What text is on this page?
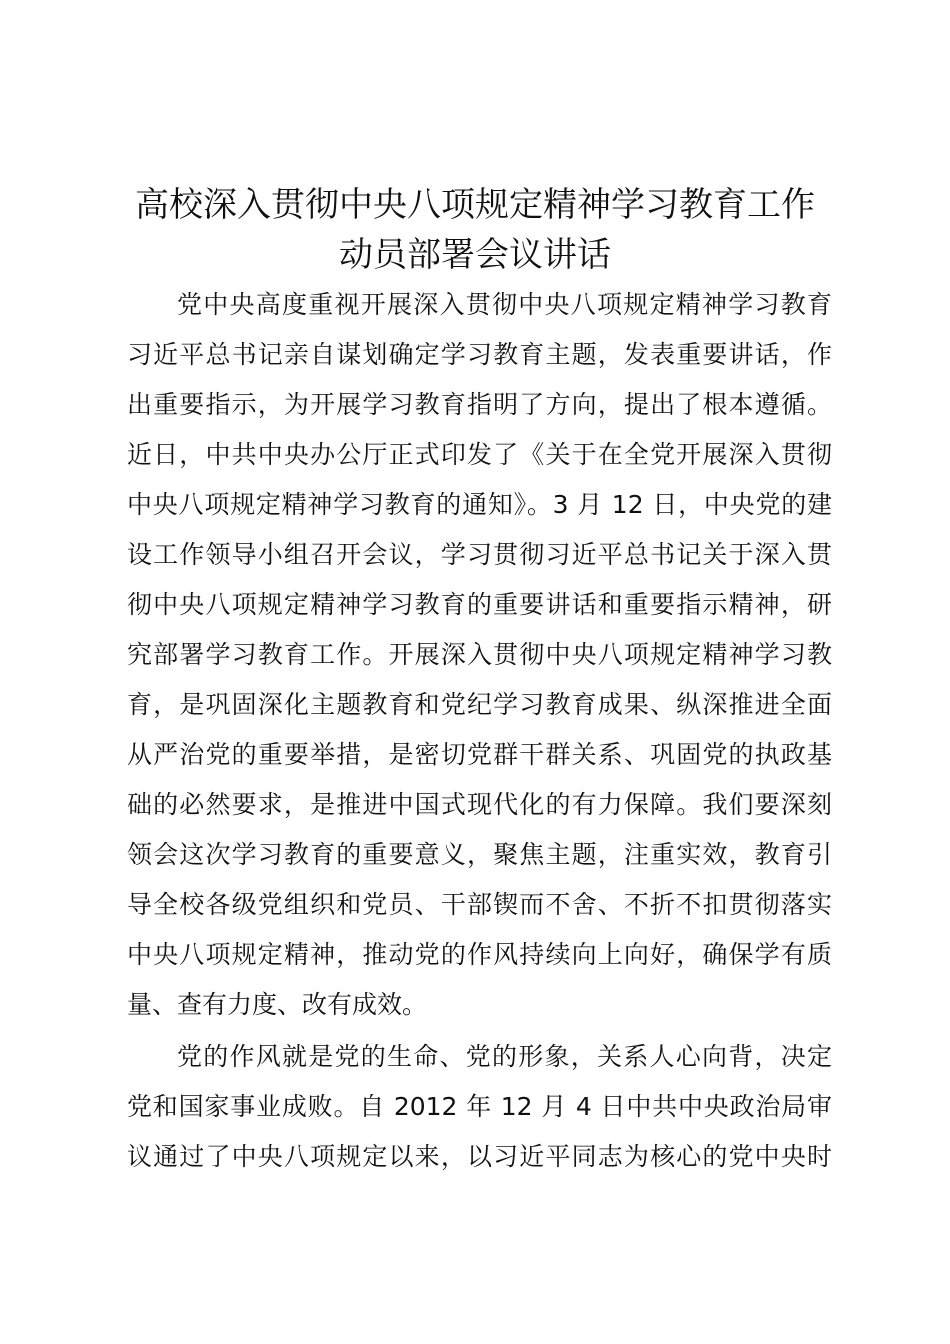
高校深入贯彻中央八项规定精神学习教育工作
动员部署会议讲话
党中央高度重视开展深入贯彻中央八项规定精神学习教育
习近平总书记亲自谋划确定学习教育主题，发表重要讲话，作
出重要指示，为开展学习教育指明了方向，提出了根本遵循。
近日，中共中央办公厅正式印发了《关于在全党开展深入贯彻
中央八项规定精神学习教育的通知》。3 月 12 日，中央党的建
设工作领导小组召开会议，学习贯彻习近平总书记关于深入贯
彻中央八项规定精神学习教育的重要讲话和重要指示精神，研
究部署学习教育工作。开展深入贯彻中央八项规定精神学习教
育，是巩固深化主题教育和党纪学习教育成果、纵深推进全面
从严治党的重要举措，是密切党群干群关系、巩固党的执政基
础的必然要求，是推进中国式现代化的有力保障。我们要深刻
领会这次学习教育的重要意义，聚焦主题，注重实效，教育引
导全校各级党组织和党员、干部锲而不舍、不折不扣贯彻落实
中央八项规定精神，推动党的作风持续向上向好，确保学有质
量、查有力度、改有成效。
党的作风就是党的生命、党的形象，关系人心向背，决定
党和国家事业成败。自 2012 年 12 月 4 日中共中央政治局审
议通过了中央八项规定以来，以习近平同志为核心的党中央时
